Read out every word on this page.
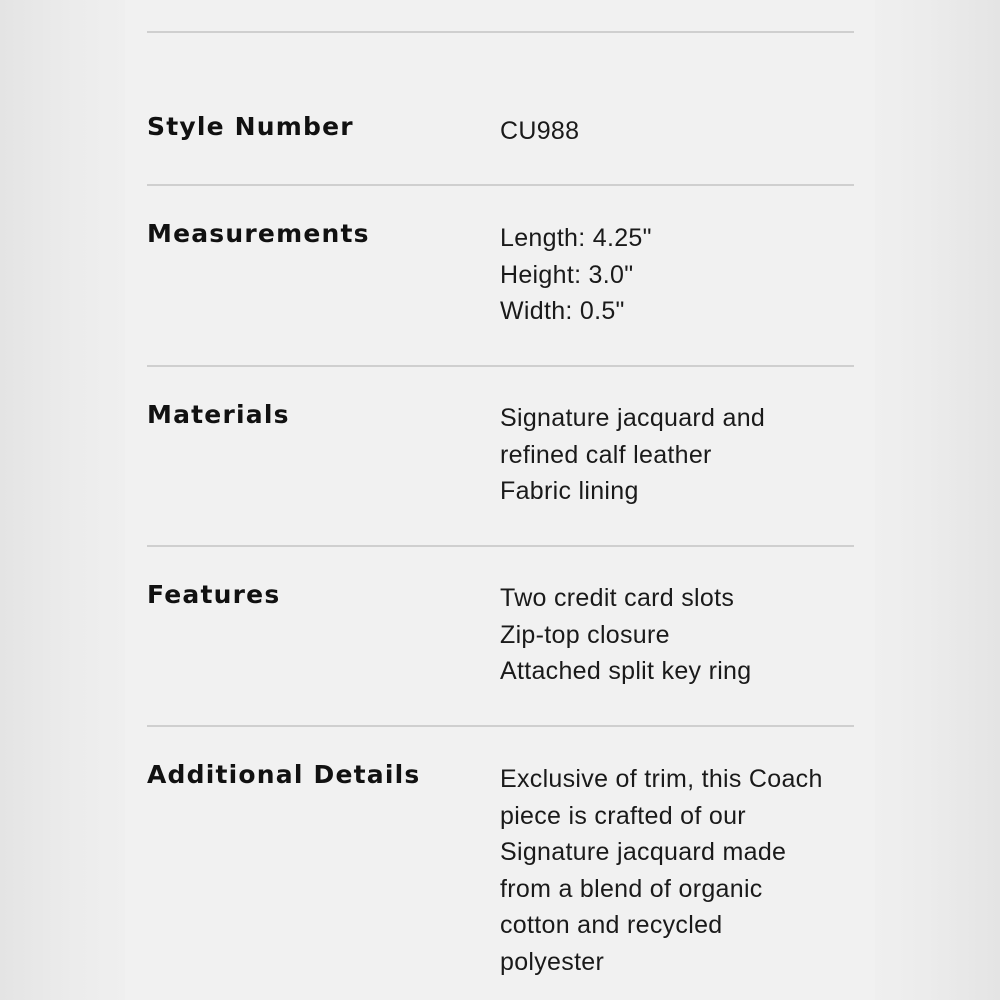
Style Number	CU988
Measurements	Length: 4.25"
Height: 3.0"
Width: 0.5"
Materials	Signature jacquard and
refined calf leather
Fabric lining
Features	Two credit card slots
Zip-top closure
Attached split key ring
Additional Details	Exclusive of trim, this Coach
piece is crafted of our
Signature jacquard made
from a blend of organic
cotton and recycled
polyester
